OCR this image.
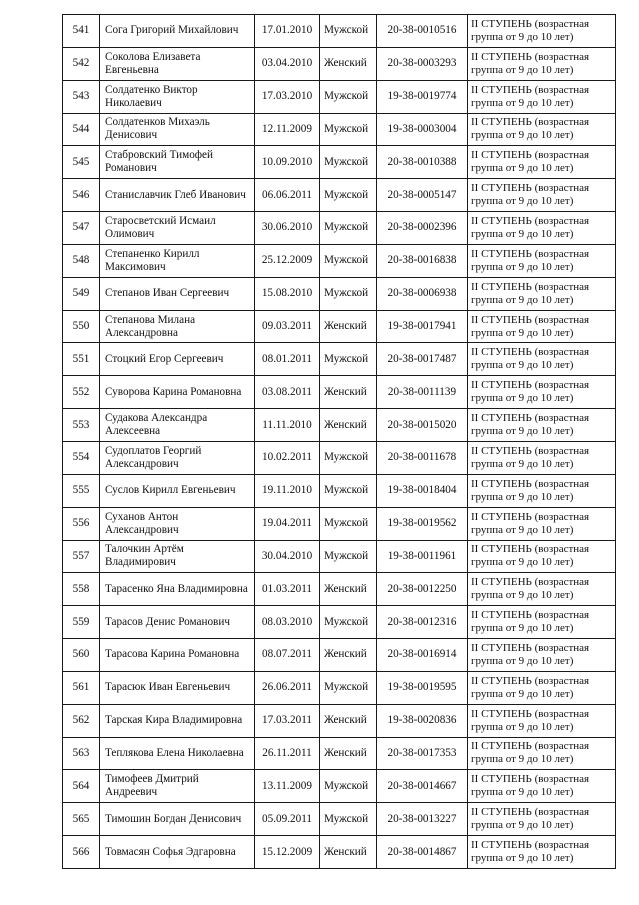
541	Сога Григорий Михайлович	17.01.2010	Мужской	20-38-0010516	II СТУПЕНЬ (возрастная группа от 9 до 10 лет)
542	Соколова Елизавета Евгеньевна	03.04.2010	Женский	20-38-0003293	II СТУПЕНЬ (возрастная группа от 9 до 10 лет)
543	Солдатенко Виктор Николаевич	17.03.2010	Мужской	19-38-0019774	II СТУПЕНЬ (возрастная группа от 9 до 10 лет)
544	Солдатенков Михаэль Денисович	12.11.2009	Мужской	19-38-0003004	II СТУПЕНЬ (возрастная группа от 9 до 10 лет)
545	Стабровский Тимофей Романович	10.09.2010	Мужской	20-38-0010388	II СТУПЕНЬ (возрастная группа от 9 до 10 лет)
546	Станиславчик Глеб Иванович	06.06.2011	Мужской	20-38-0005147	II СТУПЕНЬ (возрастная группа от 9 до 10 лет)
547	Старосветский Исмаил Олимович	30.06.2010	Мужской	20-38-0002396	II СТУПЕНЬ (возрастная группа от 9 до 10 лет)
548	Степаненко Кирилл Максимович	25.12.2009	Мужской	20-38-0016838	II СТУПЕНЬ (возрастная группа от 9 до 10 лет)
549	Степанов Иван Сергеевич	15.08.2010	Мужской	20-38-0006938	II СТУПЕНЬ (возрастная группа от 9 до 10 лет)
550	Степанова Милана Александровна	09.03.2011	Женский	19-38-0017941	II СТУПЕНЬ (возрастная группа от 9 до 10 лет)
551	Стоцкий Егор Сергеевич	08.01.2011	Мужской	20-38-0017487	II СТУПЕНЬ (возрастная группа от 9 до 10 лет)
552	Суворова Карина Романовна	03.08.2011	Женский	20-38-0011139	II СТУПЕНЬ (возрастная группа от 9 до 10 лет)
553	Судакова Александра Алексеевна	11.11.2010	Женский	20-38-0015020	II СТУПЕНЬ (возрастная группа от 9 до 10 лет)
554	Судоплатов Георгий Александрович	10.02.2011	Мужской	20-38-0011678	II СТУПЕНЬ (возрастная группа от 9 до 10 лет)
555	Суслов Кирилл Евгеньевич	19.11.2010	Мужской	19-38-0018404	II СТУПЕНЬ (возрастная группа от 9 до 10 лет)
556	Суханов Антон Александрович	19.04.2011	Мужской	19-38-0019562	II СТУПЕНЬ (возрастная группа от 9 до 10 лет)
557	Талочкин Артём Владимирович	30.04.2010	Мужской	19-38-0011961	II СТУПЕНЬ (возрастная группа от 9 до 10 лет)
558	Тарасенко Яна Владимировна	01.03.2011	Женский	20-38-0012250	II СТУПЕНЬ (возрастная группа от 9 до 10 лет)
559	Тарасов Денис Романович	08.03.2010	Мужской	20-38-0012316	II СТУПЕНЬ (возрастная группа от 9 до 10 лет)
560	Тарасова Карина Романовна	08.07.2011	Женский	20-38-0016914	II СТУПЕНЬ (возрастная группа от 9 до 10 лет)
561	Тарасюк Иван Евгеньевич	26.06.2011	Мужской	19-38-0019595	II СТУПЕНЬ (возрастная группа от 9 до 10 лет)
562	Тарская Кира Владимировна	17.03.2011	Женский	19-38-0020836	II СТУПЕНЬ (возрастная группа от 9 до 10 лет)
563	Теплякова Елена Николаевна	26.11.2011	Женский	20-38-0017353	II СТУПЕНЬ (возрастная группа от 9 до 10 лет)
564	Тимофеев Дмитрий Андреевич	13.11.2009	Мужской	20-38-0014667	II СТУПЕНЬ (возрастная группа от 9 до 10 лет)
565	Тимошин Богдан Денисович	05.09.2011	Мужской	20-38-0013227	II СТУПЕНЬ (возрастная группа от 9 до 10 лет)
566	Товмасян Софья Эдгаровна	15.12.2009	Женский	20-38-0014867	II СТУПЕНЬ (возрастная группа от 9 до 10 лет)
